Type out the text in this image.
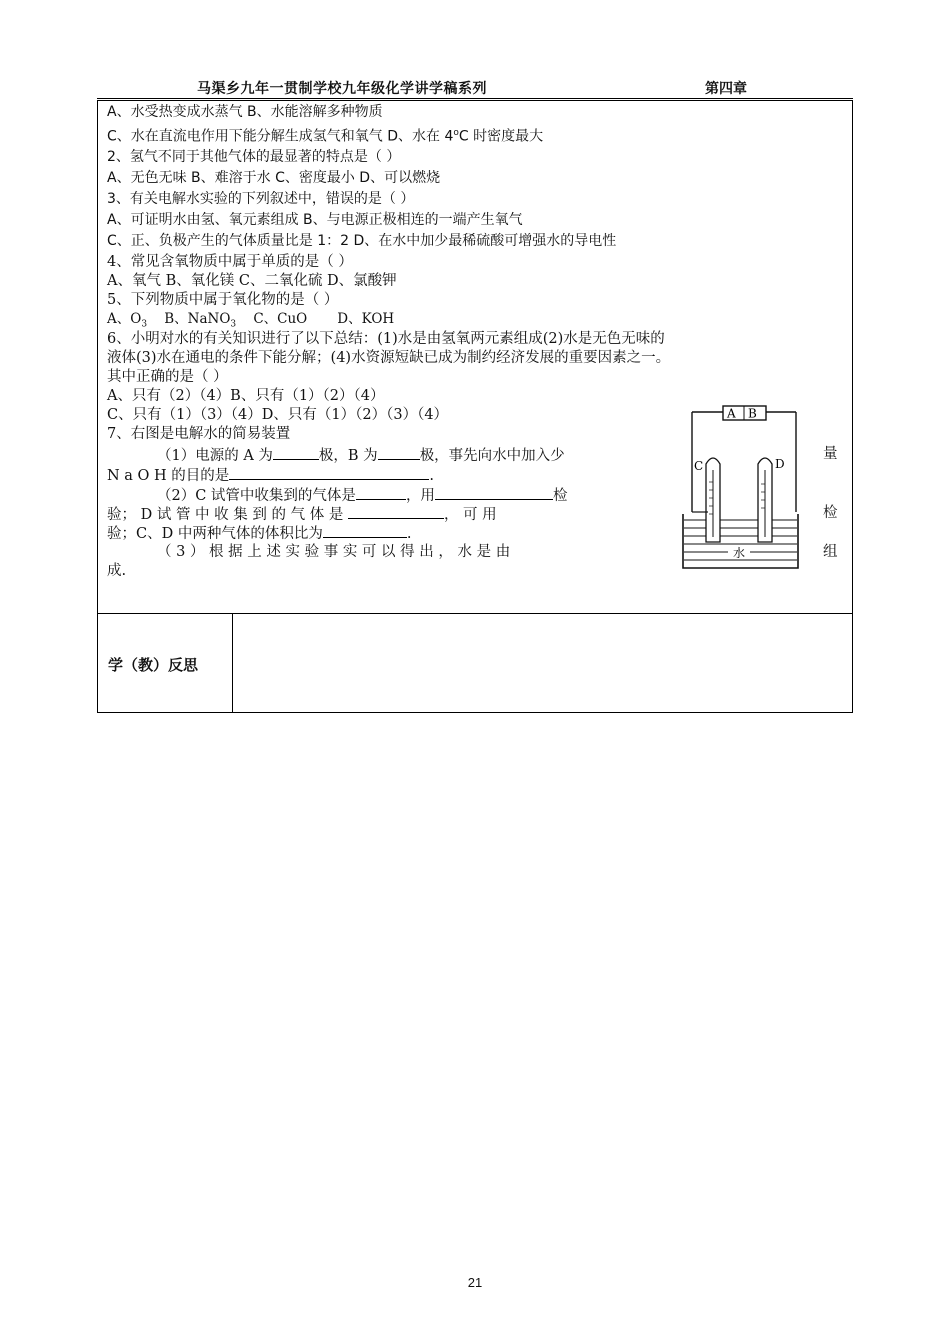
马渠乡九年一贯制学校九年级化学讲学稿系列	第四章
学（教）反思
A、水受热变成水蒸气 B、水能溶解多种物质
C、水在直流电作用下能分解生成氢气和氧气 D、水在 4$^o$C 时密度最大
2、氢气不同于其他气体的最显著的特点是（ ）
A、无色无味 B、难溶于水 C、密度最小 D、可以燃烧
3、有关电解水实验的下列叙述中，错误的是（ ）
A、可证明水由氢、氧元素组成 B、与电源正极相连的一端产生氧气
C、正、负极产生的气体质量比是 1：2 D、在水中加少最稀硫酸可增强水的导电性
4、常见含氧物质中属于单质的是（ ）
A、氧气 B、氧化镁 C、二氧化硫 D、氯酸钾
5、下列物质中属于氧化物的是（ ）
A、$O_3$ B、NaNO$_3$ C、CuO D、KOH
6、小明对水的有关知识进行了以下总结：(1)水是由氢氧两元素组成(2)水是无色无味的
液体(3)水在通电的条件下能分解；(4)水资源短缺已成为制约经济发展的重要因素之一。
其中正确的是（ ）
A、只有（2）（4）B、只有（1）（2）（4）
C、只有（1）（3）（4）D、只有（1）（2）（3）（4）
7、右图是电解水的简易装置
（1）电源的 A 为	极，B 为	极，事先向水中加入少	量
N a O H 的目的是	.
（2）C 试管中收集到的气体是	，用	检
验； D 试 管 中 收 集 到 的 气 体 是	， 可 用	检
验；C、D 中两种气体的体积比为	.
（ 3 ） 根 据 上 述 实 验 事 实 可 以 得 出 ， 水 是 由	组
成.
A B
C	D
水
21
